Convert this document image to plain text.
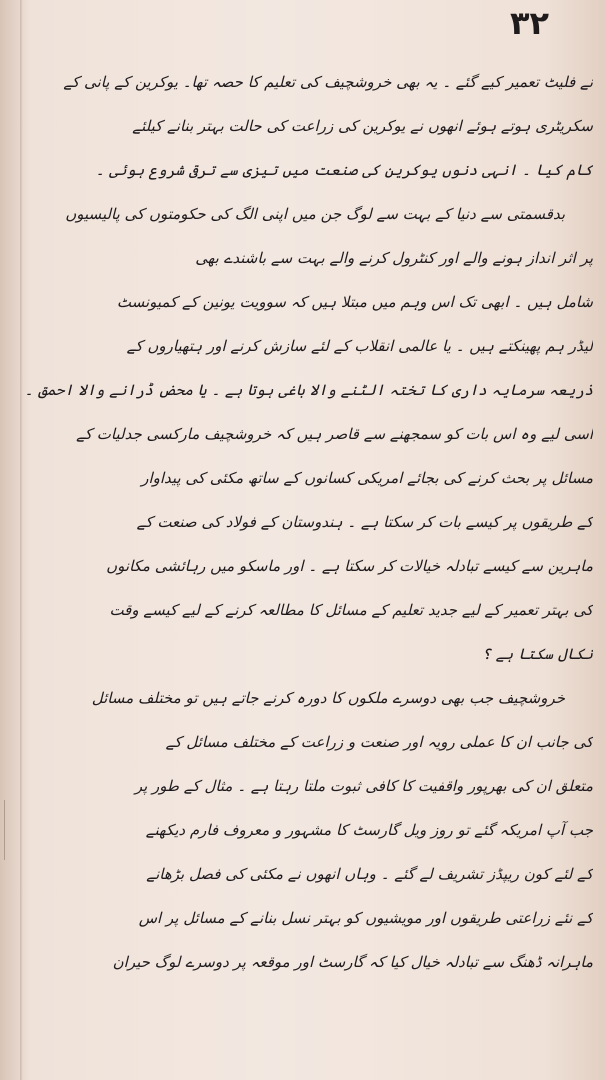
۳۲
نے فلیٹ تعمیر کیے گئے ۔ یہ بھی خروشچیف کی تعلیم کا حصہ تھا۔ یوکرین کے پانی کے
سکریٹری ہوتے ہوئے انھوں نے یوکرین کی زراعت کی حالت بہتر بنانے کیلئے
کام کیا ۔ انہی دنوں یوکرین کی صنعت میں تیزی سے ترقی شروع ہوئی ۔
بدقسمتی سے دنیا کے بہت سے لوگ جن میں اپنی الگ کی حکومتوں کی پالیسیوں
پر اثر انداز ہونے والے اور کنٹرول کرنے والے بہت سے باشندے بھی
شامل ہیں ۔ ابھی تک اس وہم میں مبتلا ہیں کہ سوویت یونین کے کمیونسٹ
لیڈر ہم پھینکتے ہیں ۔ یا عالمی انقلاب کے لئے سازش کرنے اور ہتھیاروں کے
ذریعہ سرمایہ داری کا تختہ الٹنے والا باغی ہوتا ہے ۔ یا محض ڈرانے والا احمق ۔
اسی لیے وہ اس بات کو سمجھنے سے قاصر ہیں کہ خروشچیف مارکسی جدلیات کے
مسائل پر بحث کرنے کی بجائے امریکی کسانوں کے ساتھ مکئی کی پیداوار
کے طریقوں پر کیسے بات کر سکتا ہے ۔ ہندوستان کے فولاد کی صنعت کے
ماہرین سے کیسے تبادلہ خیالات کر سکتا ہے ۔ اور ماسکو میں رہائشی مکانوں
کی بہتر تعمیر کے لیے جدید تعلیم کے مسائل کا مطالعہ کرنے کے لیے کیسے وقت
نکال سکتا ہے ؟
خروشچیف جب بھی دوسرے ملکوں کا دورہ کرنے جاتے ہیں تو مختلف مسائل
کی جانب ان کا عملی رویہ اور صنعت و زراعت کے مختلف مسائل کے
متعلق ان کی بھرپور واقفیت کا کافی ثبوت ملتا رہتا ہے ۔ مثال کے طور پر
جب آپ امریکہ گئے تو روز ویل گارسٹ کا مشہور و معروف فارم دیکھنے
کے لئے کون ریپڈز تشریف لے گئے ۔ وہاں انھوں نے مکئی کی فصل بڑھانے
کے نئے زراعتی طریقوں اور مویشیوں کو بہتر نسل بنانے کے مسائل پر اس
ماہرانہ ڈھنگ سے تبادلہ خیال کیا کہ گارسٹ اور موقعہ پر دوسرے لوگ حیران
